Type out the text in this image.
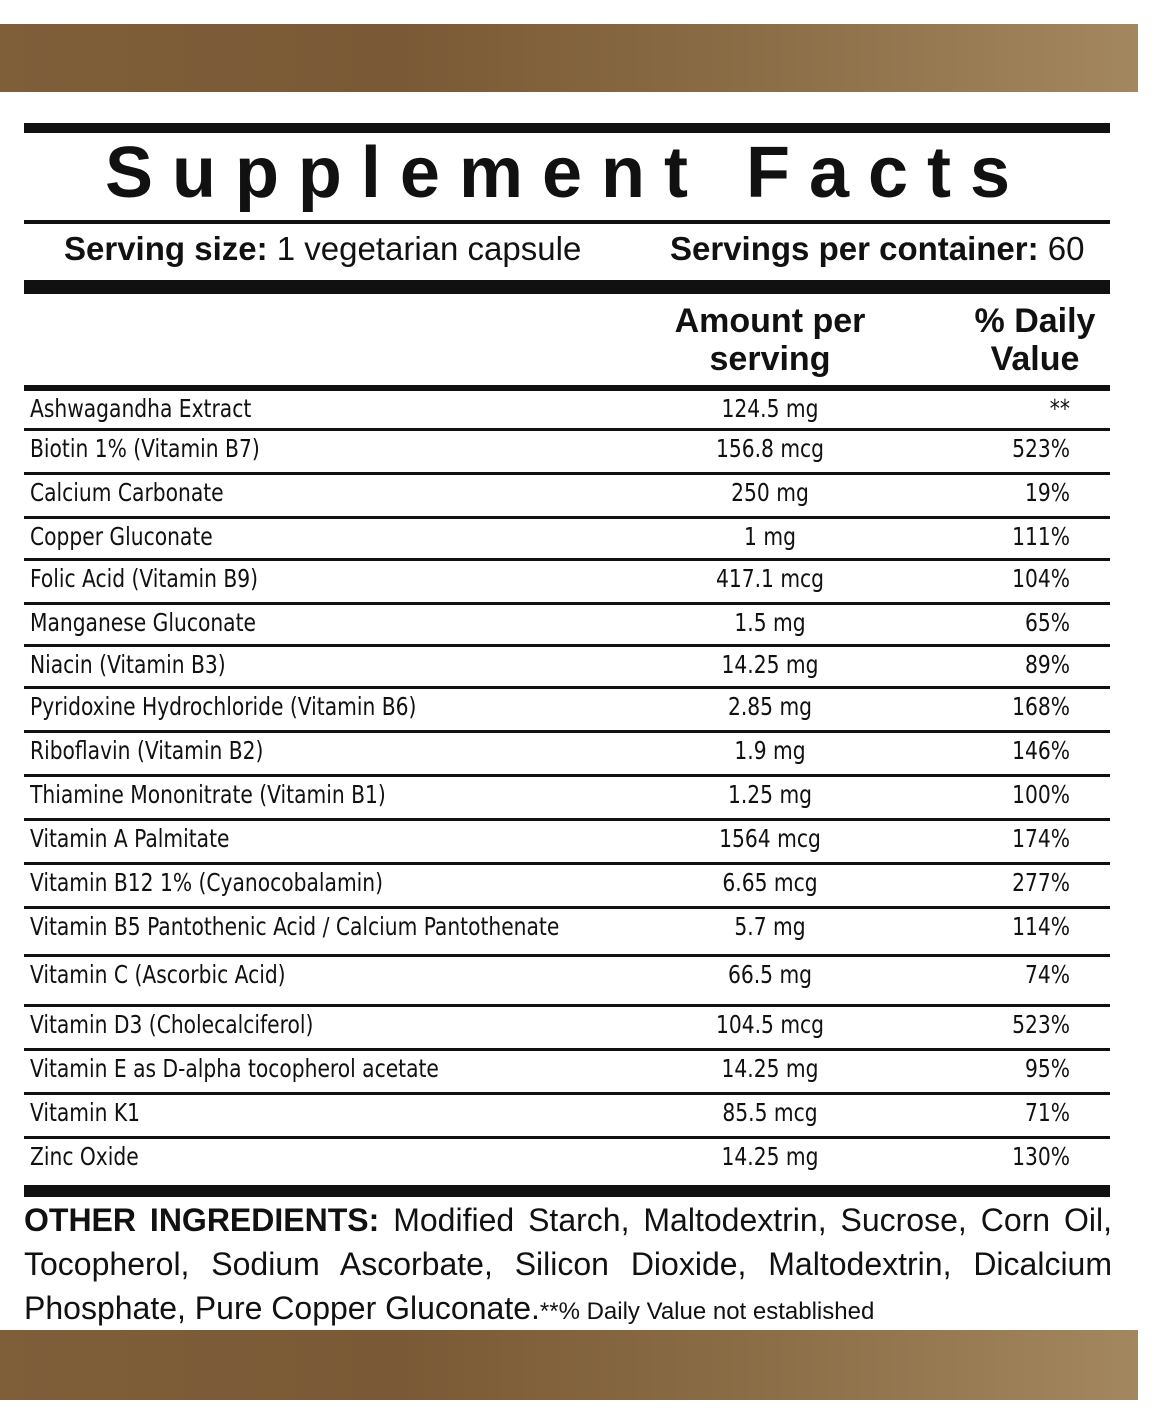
Supplement Facts
Serving size: 1 vegetarian capsule	Servings per container: 60
Amount per
serving
% Daily
Value
Ashwagandha Extract	124.5 mg	**
Biotin 1% (Vitamin B7)	156.8 mcg	523%
Calcium Carbonate	250 mg	19%
Copper Gluconate	1 mg	111%
Folic Acid (Vitamin B9)	417.1 mcg	104%
Manganese Gluconate	1.5 mg	65%
Niacin (Vitamin B3)	14.25 mg	89%
Pyridoxine Hydrochloride (Vitamin B6)	2.85 mg	168%
Riboflavin (Vitamin B2)	1.9 mg	146%
Thiamine Mononitrate (Vitamin B1)	1.25 mg	100%
Vitamin A Palmitate	1564 mcg	174%
Vitamin B12 1% (Cyanocobalamin)	6.65 mcg	277%
Vitamin B5 Pantothenic Acid / Calcium Pantothenate	5.7 mg	114%
Vitamin C (Ascorbic Acid)	66.5 mg	74%
Vitamin D3 (Cholecalciferol)	104.5 mcg	523%
Vitamin E as D-alpha tocopherol acetate	14.25 mg	95%
Vitamin K1	85.5 mcg	71%
Zinc Oxide	14.25 mg	130%
OTHER INGREDIENTS: Modified Starch, Maltodextrin, Sucrose, Corn Oil, Tocopherol, Sodium Ascorbate, Silicon Dioxide, Maltodextrin, Dicalcium Phosphate, Pure Copper Gluconate.**% Daily Value not established
